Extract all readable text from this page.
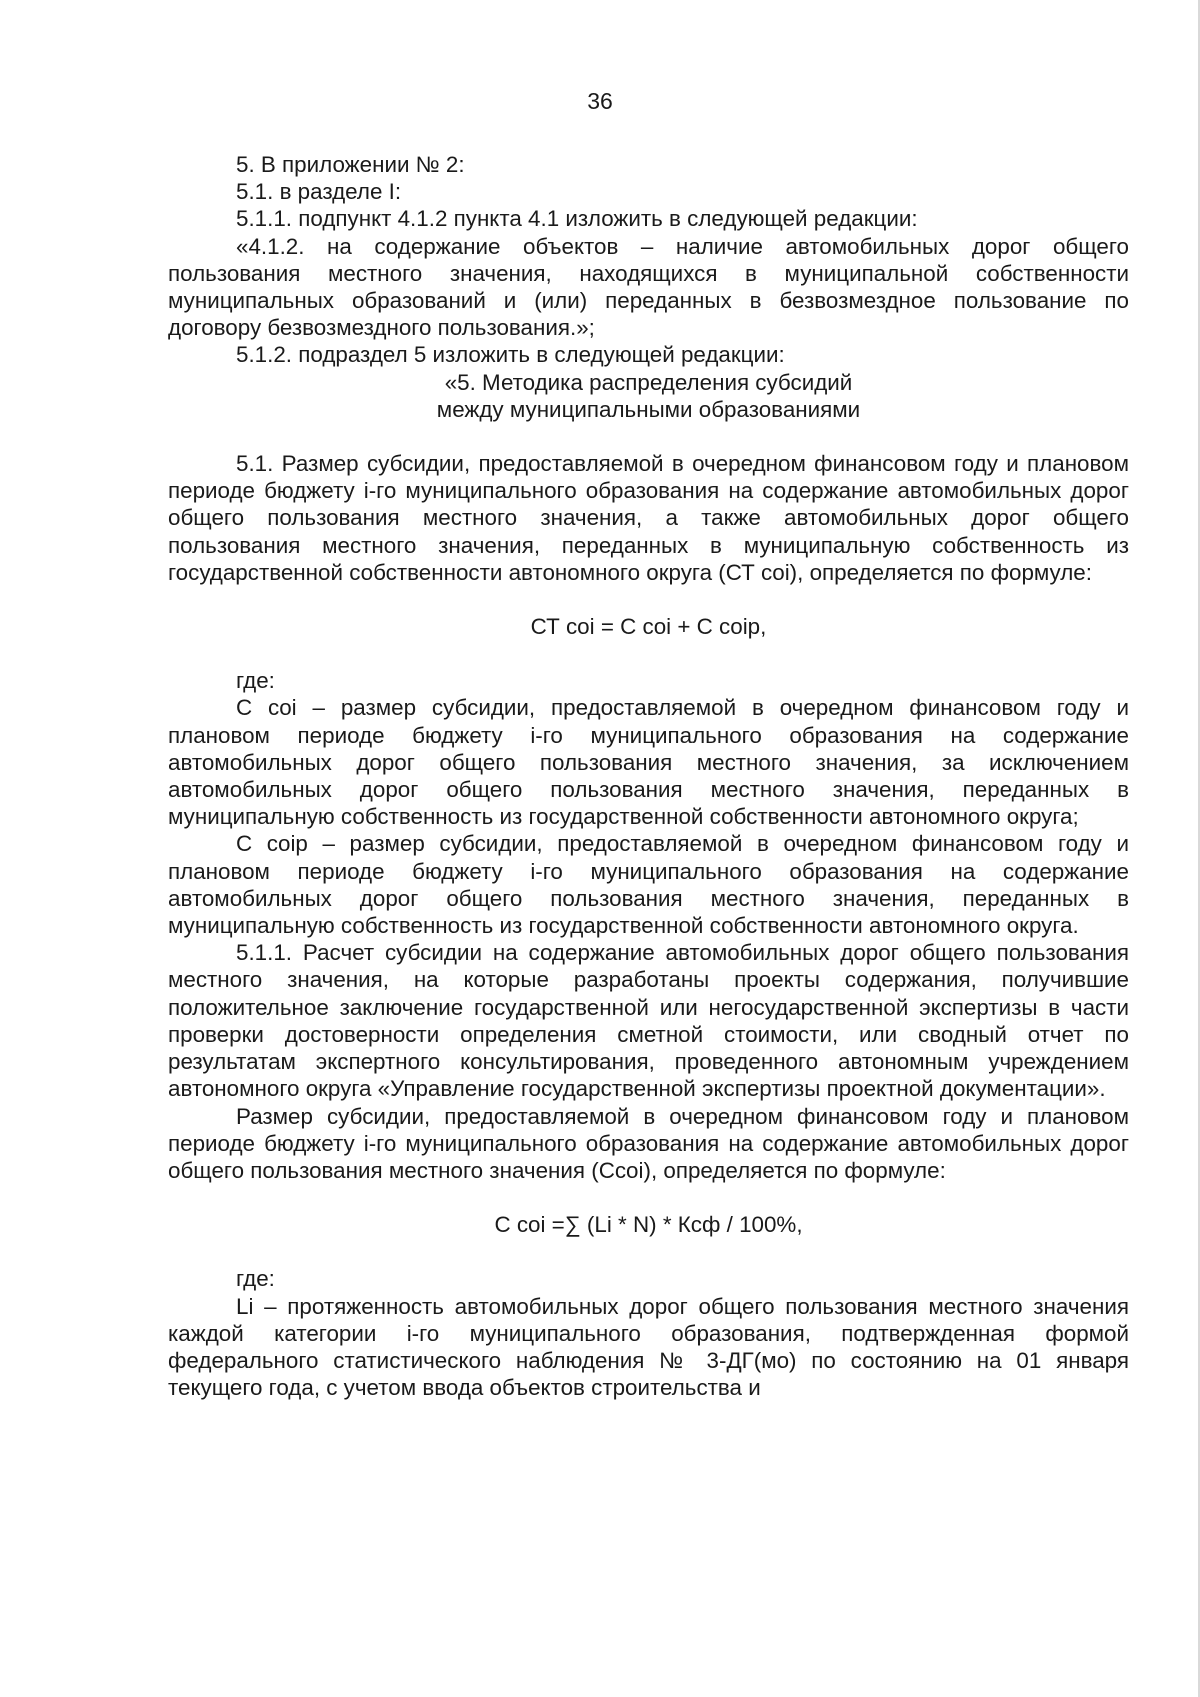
36

5. В приложении № 2:

5.1. в разделе I:

5.1.1. подпункт 4.1.2 пункта 4.1 изложить в следующей редакции:

«4.1.2. на содержание объектов – наличие автомобильных дорог общего пользования местного значения, находящихся в муниципальной собственности муниципальных образований и (или) переданных в безвозмездное пользование по договору безвозмездного пользования.»;

5.1.2. подраздел 5 изложить в следующей редакции:

«5. Методика распределения субсидий

между муниципальными образованиями

5.1. Размер субсидии, предоставляемой в очередном финансовом году и плановом периоде бюджету i-го муниципального образования на содержание автомобильных дорог общего пользования местного значения, а также автомобильных дорог общего пользования местного значения, переданных в муниципальную собственность из государственной собственности автономного округа (СТ coi), определяется по формуле:

СТ coi = C coi + C coip,

где:

С coi – размер субсидии, предоставляемой в очередном финансовом году и плановом периоде бюджету i-го муниципального образования на содержание автомобильных дорог общего пользования местного значения, за исключением автомобильных дорог общего пользования местного значения, переданных в муниципальную собственность из государственной собственности автономного округа;

С coip – размер субсидии, предоставляемой в очередном финансовом году и плановом периоде бюджету i-го муниципального образования на содержание автомобильных дорог общего пользования местного значения, переданных в муниципальную собственность из государственной собственности автономного округа.

5.1.1. Расчет субсидии на содержание автомобильных дорог общего пользования местного значения, на которые разработаны проекты содержания, получившие положительное заключение государственной или негосударственной экспертизы в части проверки достоверности определения сметной стоимости, или сводный отчет по результатам экспертного консультирования, проведенного автономным учреждением автономного округа «Управление государственной экспертизы проектной документации».

Размер субсидии, предоставляемой в очередном финансовом году и плановом периоде бюджету i-го муниципального образования на содержание автомобильных дорог общего пользования местного значения (Ccoi), определяется по формуле:

C coi =∑ (Li * N) * Ксф / 100%,

где:

Li – протяженность автомобильных дорог общего пользования местного значения каждой категории i-го муниципального образования, подтвержденная формой федерального статистического наблюдения № 3-ДГ(мо) по состоянию на 01 января текущего года, с учетом ввода объектов строительства и
